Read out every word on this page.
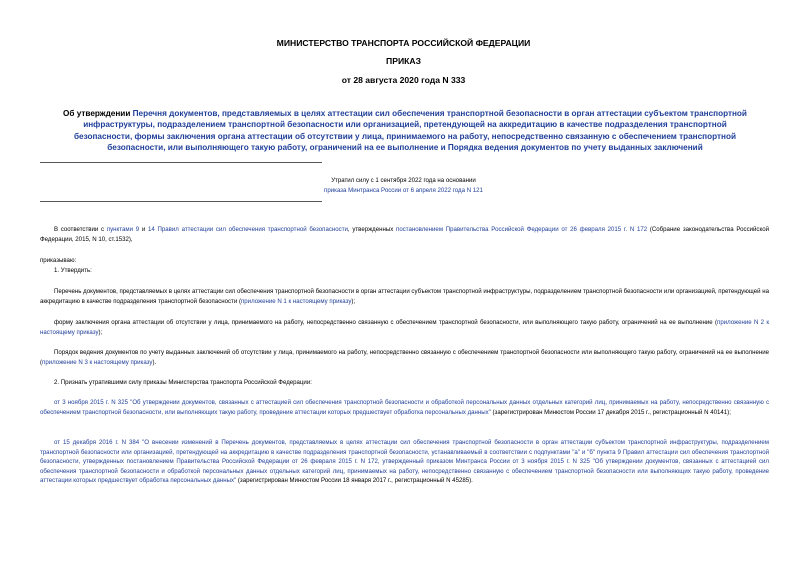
МИНИСТЕРСТВО ТРАНСПОРТА РОССИЙСКОЙ ФЕДЕРАЦИИ
ПРИКАЗ
от 28 августа 2020 года N 333
Об утверждении Перечня документов, представляемых в целях аттестации сил обеспечения транспортной безопасности в орган аттестации субъектом транспортной инфраструктуры, подразделением транспортной безопасности или организацией, претендующей на аккредитацию в качестве подразделения транспортной безопасности, формы заключения органа аттестации об отсутствии у лица, принимаемого на работу, непосредственно связанную с обеспечением транспортной безопасности, или выполняющего такую работу, ограничений на ее выполнение и Порядка ведения документов по учету выданных заключений
Утратил силу с 1 сентября 2022 года на основании
приказа Минтранса России от 6 апреля 2022 года N 121
В соответствии с пунктами 9 и 14 Правил аттестации сил обеспечения транспортной безопасности, утвержденных постановлением Правительства Российской Федерации от 26 февраля 2015 г. N 172 (Собрание законодательства Российской Федерации, 2015, N 10, ст.1532),
приказываю:
1. Утвердить:
Перечень документов, представляемых в целях аттестации сил обеспечения транспортной безопасности в орган аттестации субъектом транспортной инфраструктуры, подразделением транспортной безопасности или организацией, претендующей на аккредитацию в качестве подразделения транспортной безопасности (приложение N 1 к настоящему приказу);
форму заключения органа аттестации об отсутствии у лица, принимаемого на работу, непосредственно связанную с обеспечением транспортной безопасности, или выполняющего такую работу, ограничений на ее выполнение (приложение N 2 к настоящему приказу);
Порядок ведения документов по учету выданных заключений об отсутствии у лица, принимаемого на работу, непосредственно связанную с обеспечением транспортной безопасности или выполняющего такую работу, ограничений на ее выполнение (приложение N 3 к настоящему приказу).
2. Признать утратившими силу приказы Министерства транспорта Российской Федерации:
от 3 ноября 2015 г. N 325 "Об утверждении документов, связанных с аттестацией сил обеспечения транспортной безопасности и обработкой персональных данных отдельных категорий лиц, принимаемых на работу, непосредственно связанную с обеспечением транспортной безопасности, или выполняющих такую работу, проведение аттестации которых предшествует обработка персональных данных" (зарегистрирован Минюстом России 17 декабря 2015 г., регистрационный N 40141);
от 15 декабря 2016 г. N 384 "О внесении изменений в Перечень документов, представляемых в целях аттестации сил обеспечения транспортной безопасности в орган аттестации субъектом транспортной инфраструктуры, подразделением транспортной безопасности или организацией, претендующей на аккредитацию в качестве подразделения транспортной безопасности, устанавливаемый в соответствии с подпунктами "а" и "б" пункта 9 Правил аттестации сил обеспечения транспортной безопасности, утвержденных постановлением Правительства Российской Федерации от 26 февраля 2015 г. N 172, утвержденный приказом Минтранса России от 3 ноября 2015 г. N 325 "Об утверждении документов, связанных с аттестацией сил обеспечения транспортной безопасности и обработкой персональных данных отдельных категорий лиц, принимаемых на работу, непосредственно связанную с обеспечением транспортной безопасности или выполняющих такую работу, проведение аттестации которых предшествует обработка персональных данных" (зарегистрирован Минюстом России 18 января 2017 г., регистрационный N 45285).
